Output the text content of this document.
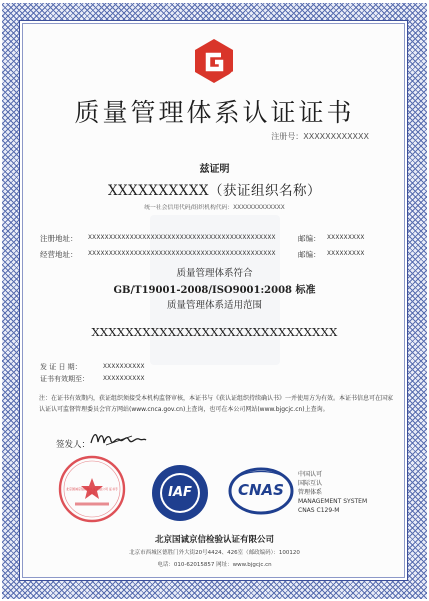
质量管理体系认证证书
注册号：XXXXXXXXXXXX
兹证明
XXXXXXXXXX（获证组织名称）
统一社会信用代码/组织机构代码：XXXXXXXXXXXXX
注册地址： XXXXXXXXXXXXXXXXXXXXXXXXXXXXXXXXXXXXXXXXXXXXX	邮编： XXXXXXXXX
经营地址： XXXXXXXXXXXXXXXXXXXXXXXXXXXXXXXXXXXXXXXXXXXXX	邮编： XXXXXXXXX
质量管理体系符合
GB/T19001-2008/ISO9001:2008 标准
质量管理体系适用范围
XXXXXXXXXXXXXXXXXXXXXXXXXXXXX
发 证 日 期：	XXXXXXXXXX
证书有效期至： XXXXXXXXXX
注：在证书有效期内，获证组织须接受本机构监督审核，本证书与《获认证组织持续确认书》一并使用方为有效。本证书信息可在国家认证认可监督管理委员会官方网站(www.cnca.gov.cn)上查询，也可在本公司网站(www.bjgcjc.cn)上查询。
签发人：
北京国诚京信检验认证有限公司 证书专用章	IAF	CNAS
中国认可
国际互认
管理体系
MANAGEMENT SYSTEM
CNAS C129-M
北京国诚京信检验认证有限公司
北京市西城区德胜门外大街20号4424、426室（邮政编码）：100120
电话：010-62015857 网址：www.bjgcjc.cn
